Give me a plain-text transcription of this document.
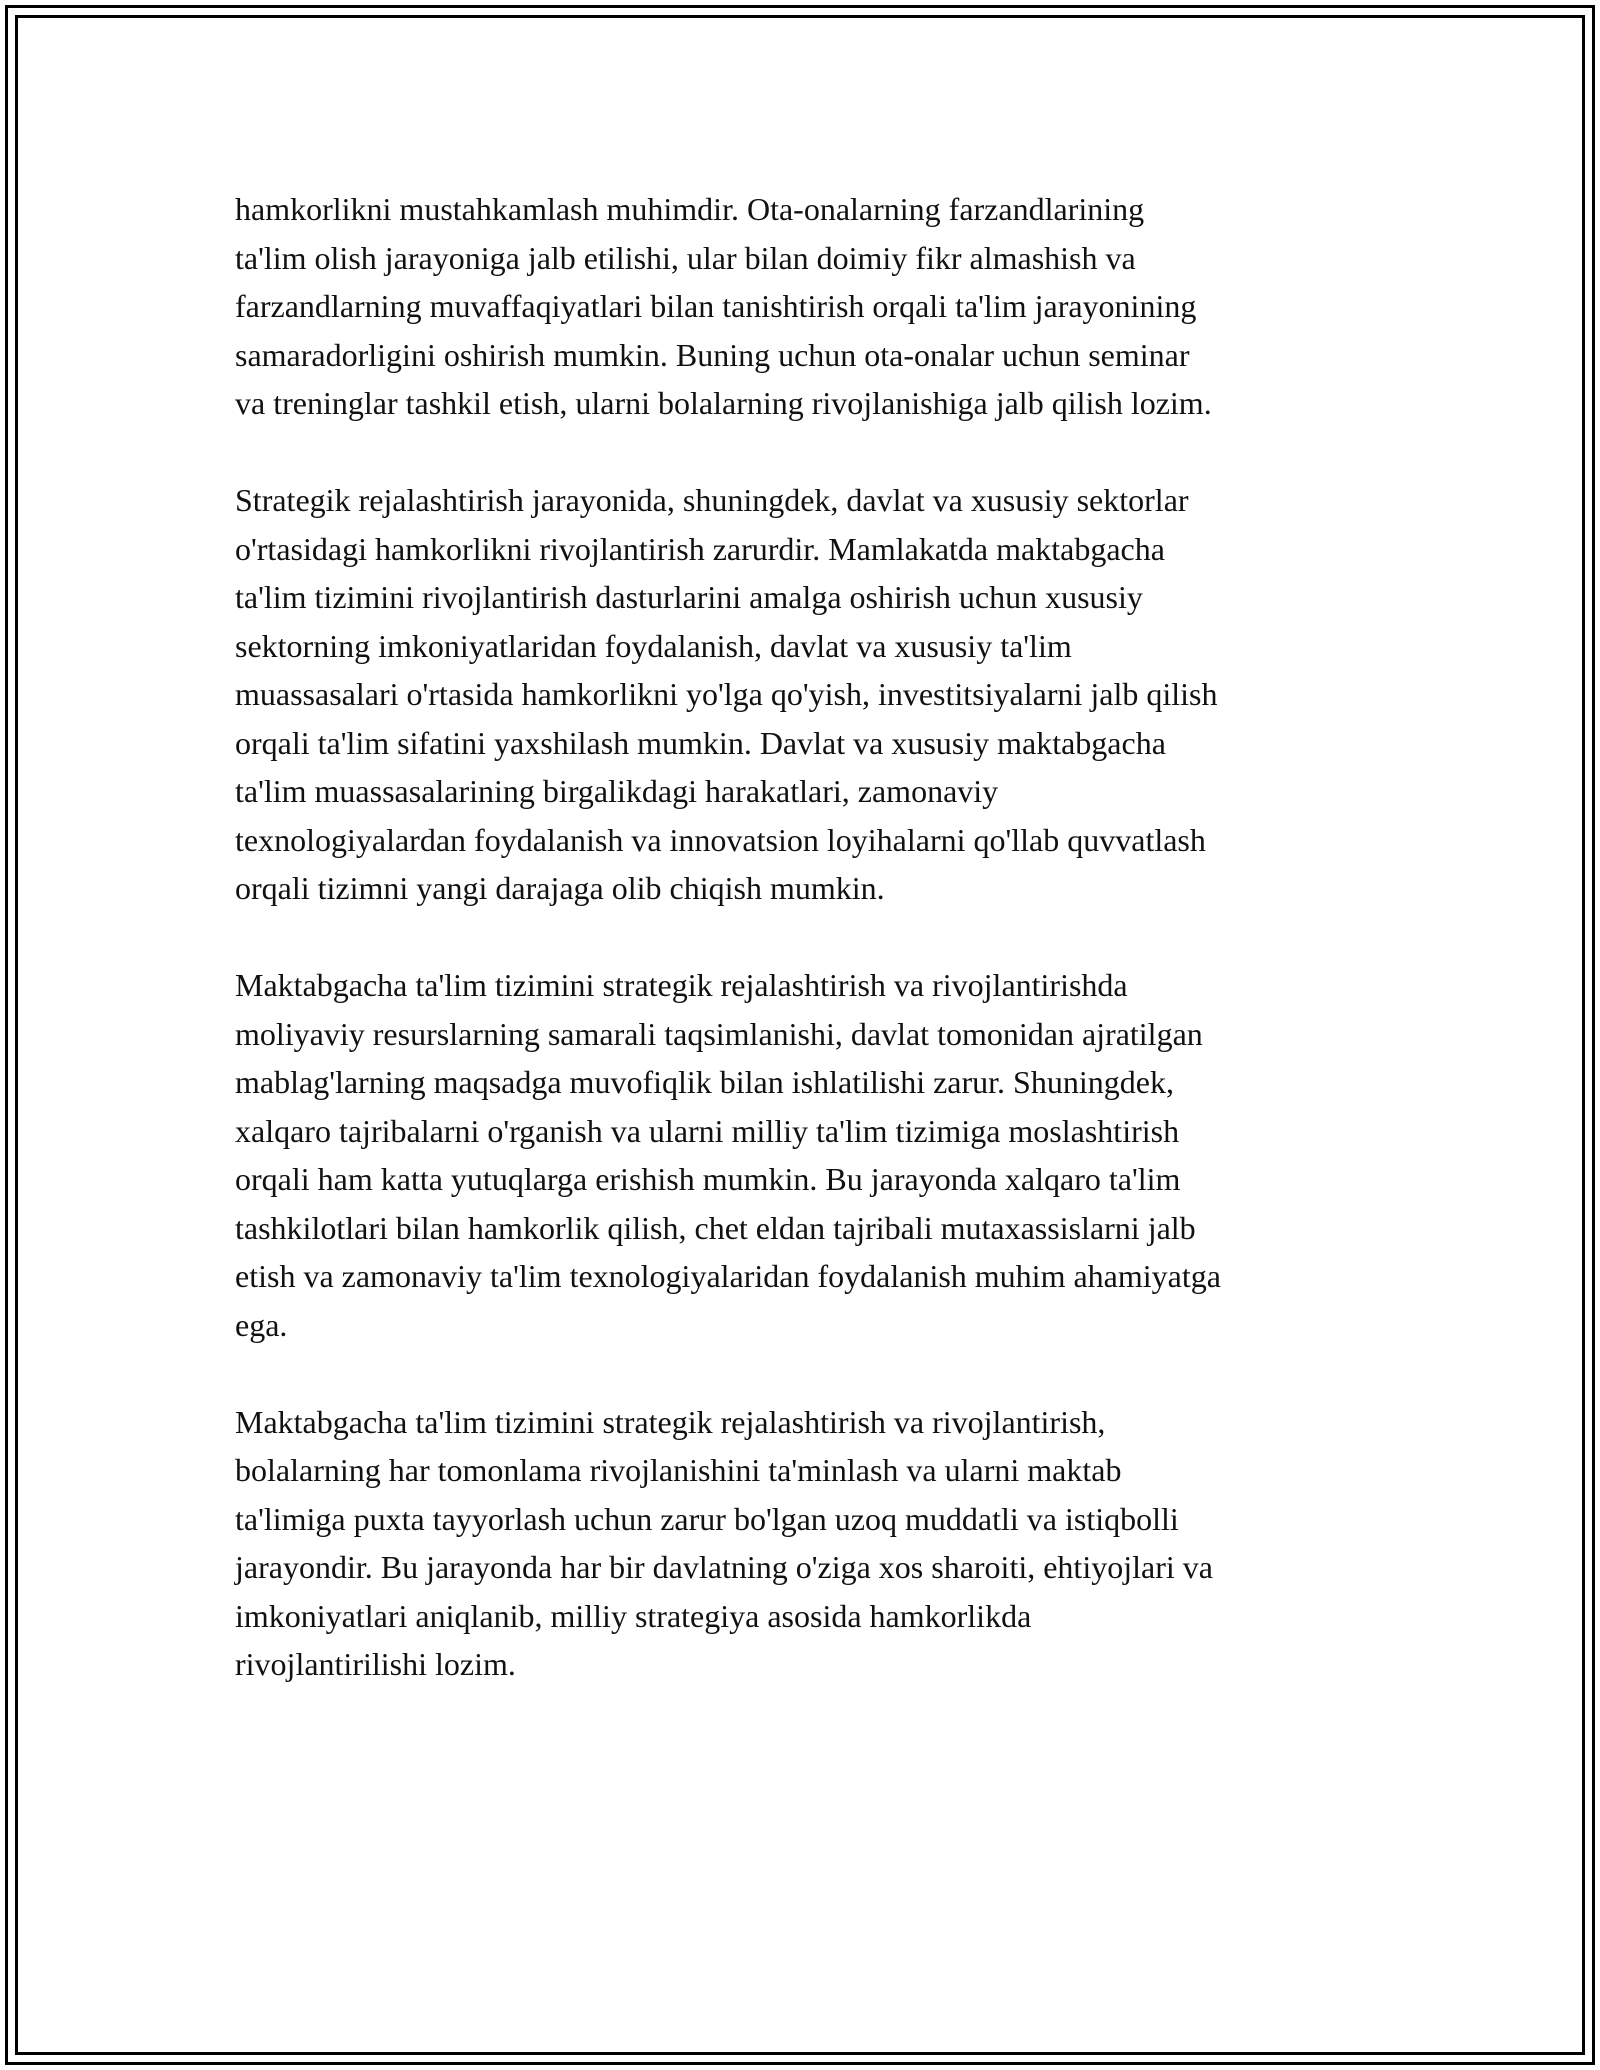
hamkorlikni mustahkamlash muhimdir. Ota-onalarning farzandlarining
ta'lim olish jarayoniga jalb etilishi, ular bilan doimiy fikr almashish va
farzandlarning muvaffaqiyatlari bilan tanishtirish orqali ta'lim jarayonining
samaradorligini oshirish mumkin. Buning uchun ota-onalar uchun seminar
va treninglar tashkil etish, ularni bolalarning rivojlanishiga jalb qilish lozim.

Strategik rejalashtirish jarayonida, shuningdek, davlat va xususiy sektorlar
o'rtasidagi hamkorlikni rivojlantirish zarurdir. Mamlakatda maktabgacha
ta'lim tizimini rivojlantirish dasturlarini amalga oshirish uchun xususiy
sektorning imkoniyatlaridan foydalanish, davlat va xususiy ta'lim
muassasalari o'rtasida hamkorlikni yo'lga qo'yish, investitsiyalarni jalb qilish
orqali ta'lim sifatini yaxshilash mumkin. Davlat va xususiy maktabgacha
ta'lim muassasalarining birgalikdagi harakatlari, zamonaviy
texnologiyalardan foydalanish va innovatsion loyihalarni qo'llab quvvatlash
orqali tizimni yangi darajaga olib chiqish mumkin.

Maktabgacha ta'lim tizimini strategik rejalashtirish va rivojlantirishda
moliyaviy resurslarning samarali taqsimlanishi, davlat tomonidan ajratilgan
mablag'larning maqsadga muvofiqlik bilan ishlatilishi zarur. Shuningdek,
xalqaro tajribalarni o'rganish va ularni milliy ta'lim tizimiga moslashtirish
orqali ham katta yutuqlarga erishish mumkin. Bu jarayonda xalqaro ta'lim
tashkilotlari bilan hamkorlik qilish, chet eldan tajribali mutaxassislarni jalb
etish va zamonaviy ta'lim texnologiyalaridan foydalanish muhim ahamiyatga
ega.

Maktabgacha ta'lim tizimini strategik rejalashtirish va rivojlantirish,
bolalarning har tomonlama rivojlanishini ta'minlash va ularni maktab
ta'limiga puxta tayyorlash uchun zarur bo'lgan uzoq muddatli va istiqbolli
jarayondir. Bu jarayonda har bir davlatning o'ziga xos sharoiti, ehtiyojlari va
imkoniyatlari aniqlanib, milliy strategiya asosida hamkorlikda
rivojlantirilishi lozim.
